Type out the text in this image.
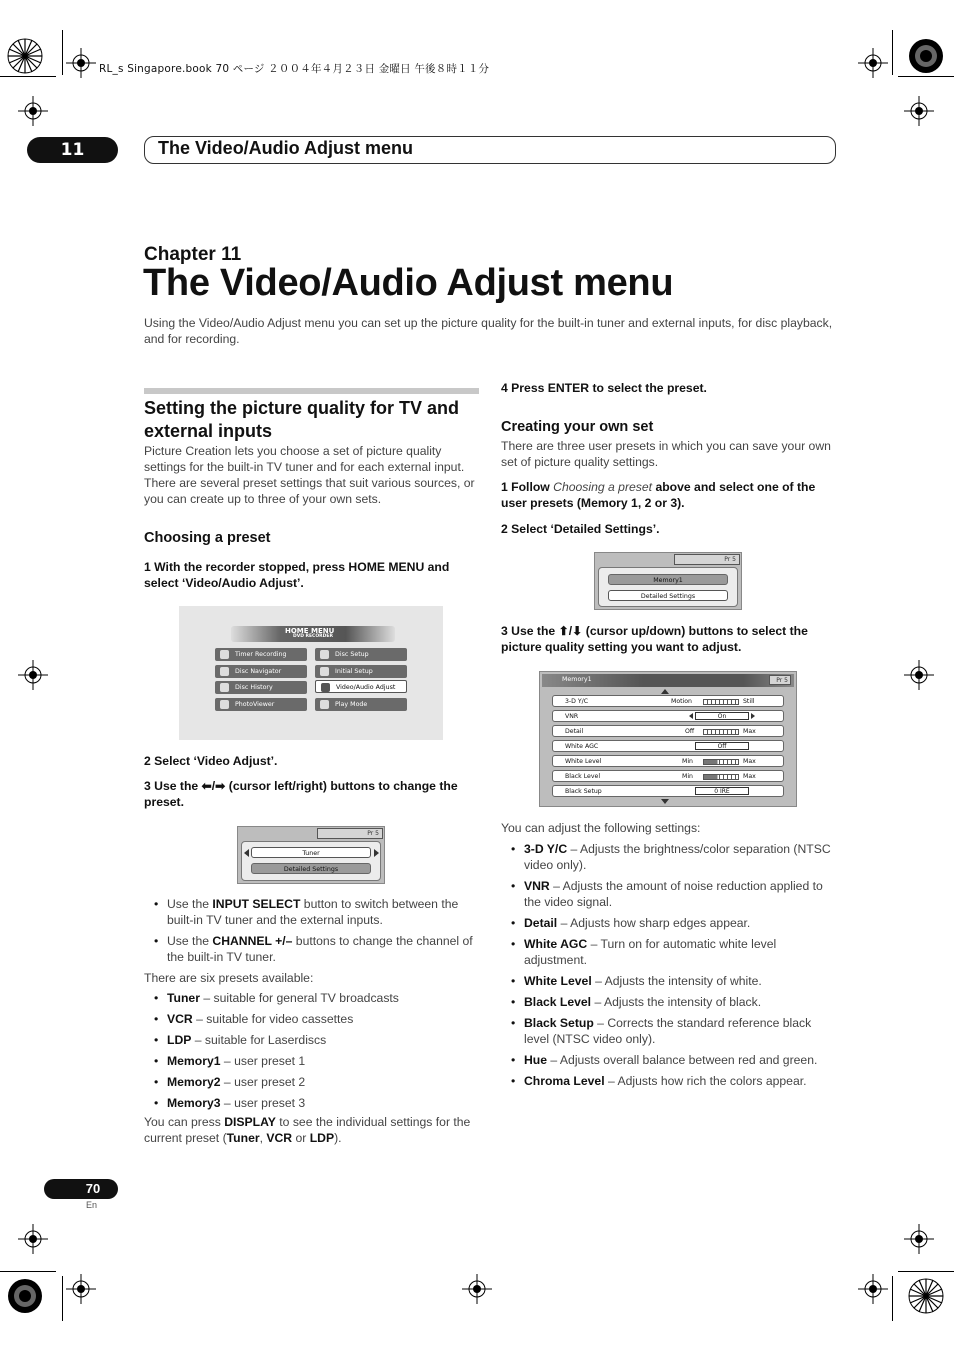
RL_s Singapore.book 70 ページ ２００４年４月２３日 金曜日 午後８時１１分
11	The Video/Audio Adjust menu
Chapter 11
The Video/Audio Adjust menu
Using the Video/Audio Adjust menu you can set up the picture quality for the built-in tuner and external inputs, for disc playback, and for recording.
Setting the picture quality for TV and external inputs
Picture Creation lets you choose a set of picture quality settings for the built-in TV tuner and for each external input. There are several preset settings that suit various sources, or you can create up to three of your own sets.
Choosing a preset
1 With the recorder stopped, press HOME MENU and select ‘Video/Audio Adjust’.
HOME MENU
DVD RECORDER
Timer Recording	Disc Setup
Disc Navigator	Initial Setup
Disc History	Video/Audio Adjust
PhotoViewer	Play Mode
2 Select ‘Video Adjust’.
3 Use the ⬅/➡ (cursor left/right) buttons to change the preset.
Pr 5
Tuner
Detailed Settings
• Use the INPUT SELECT button to switch between the built-in TV tuner and the external inputs.
• Use the CHANNEL +/– buttons to change the channel of the built-in TV tuner.
There are six presets available:
• Tuner – suitable for general TV broadcasts
• VCR – suitable for video cassettes
• LDP – suitable for Laserdiscs
• Memory1 – user preset 1
• Memory2 – user preset 2
• Memory3 – user preset 3
You can press DISPLAY to see the individual settings for the current preset (Tuner, VCR or LDP).
4 Press ENTER to select the preset.
Creating your own set
There are three user presets in which you can save your own set of picture quality settings.
1 Follow Choosing a preset above and select one of the user presets (Memory 1, 2 or 3).
2 Select ‘Detailed Settings’.
Pr 5
Memory1
Detailed Settings
3 Use the ⬆/⬇ (cursor up/down) buttons to select the picture quality setting you want to adjust.
Memory1	Pr 5
3-D Y/C	Motion	Still
VNR	On
Detail	Off	Max
White AGC	Off
White Level	Min	Max
Black Level	Min	Max
Black Setup	0 IRE
You can adjust the following settings:
• 3-D Y/C – Adjusts the brightness/color separation (NTSC video only).
• VNR – Adjusts the amount of noise reduction applied to the video signal.
• Detail – Adjusts how sharp edges appear.
• White AGC – Turn on for automatic white level adjustment.
• White Level – Adjusts the intensity of white.
• Black Level – Adjusts the intensity of black.
• Black Setup – Corrects the standard reference black level (NTSC video only).
• Hue – Adjusts overall balance between red and green.
• Chroma Level – Adjusts how rich the colors appear.
70
En
